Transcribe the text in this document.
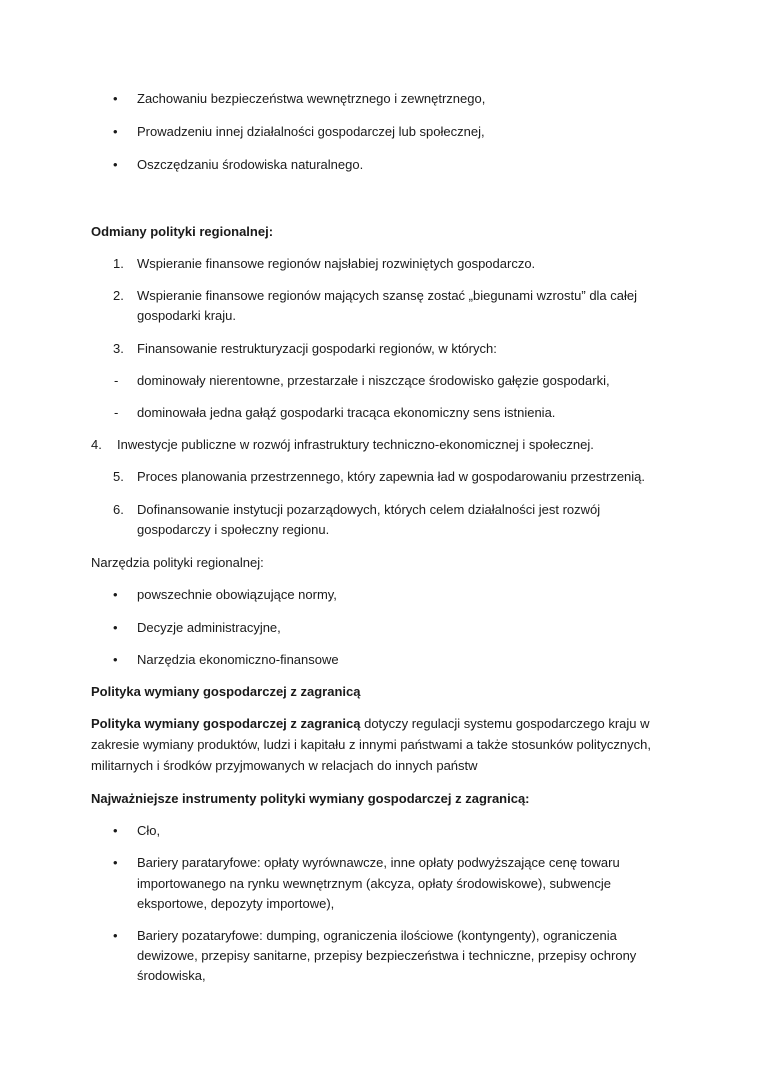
• Zachowaniu bezpieczeństwa wewnętrznego i zewnętrznego,
• Prowadzeniu innej działalności gospodarczej lub społecznej,
• Oszczędzaniu środowiska naturalnego.
Odmiany polityki regionalnej:
1. Wspieranie finansowe regionów najsłabiej rozwiniętych gospodarczo.
2. Wspieranie finansowe regionów mających szansę zostać „biegunami wzrostu” dla całej
gospodarki kraju.
3. Finansowanie restrukturyzacji gospodarki regionów, w których:
- dominowały nierentowne, przestarzałe i niszczące środowisko gałęzie gospodarki,
- dominowała jedna gałąź gospodarki tracąca ekonomiczny sens istnienia.
4. Inwestycje publiczne w rozwój infrastruktury techniczno-ekonomicznej i społecznej.
5. Proces planowania przestrzennego, który zapewnia ład w gospodarowaniu przestrzenią.
6. Dofinansowanie instytucji pozarządowych, których celem działalności jest rozwój
gospodarczy i społeczny regionu.
Narzędzia polityki regionalnej:
• powszechnie obowiązujące normy,
• Decyzje administracyjne,
• Narzędzia ekonomiczno-finansowe
Polityka wymiany gospodarczej z zagranicą
Polityka wymiany gospodarczej z zagranicą dotyczy regulacji systemu gospodarczego kraju w
zakresie wymiany produktów, ludzi i kapitału z innymi państwami a także stosunków politycznych,
militarnych i środków przyjmowanych w relacjach do innych państw
Najważniejsze instrumenty polityki wymiany gospodarczej z zagranicą:
• Cło,
• Bariery parataryfowe: opłaty wyrównawcze, inne opłaty podwyższające cenę towaru
importowanego na rynku wewnętrznym (akcyza, opłaty środowiskowe), subwencje
eksportowe, depozyty importowe),
• Bariery pozataryfowe: dumping, ograniczenia ilościowe (kontyngenty), ograniczenia
dewizowe, przepisy sanitarne, przepisy bezpieczeństwa i techniczne, przepisy ochrony
środowiska,
